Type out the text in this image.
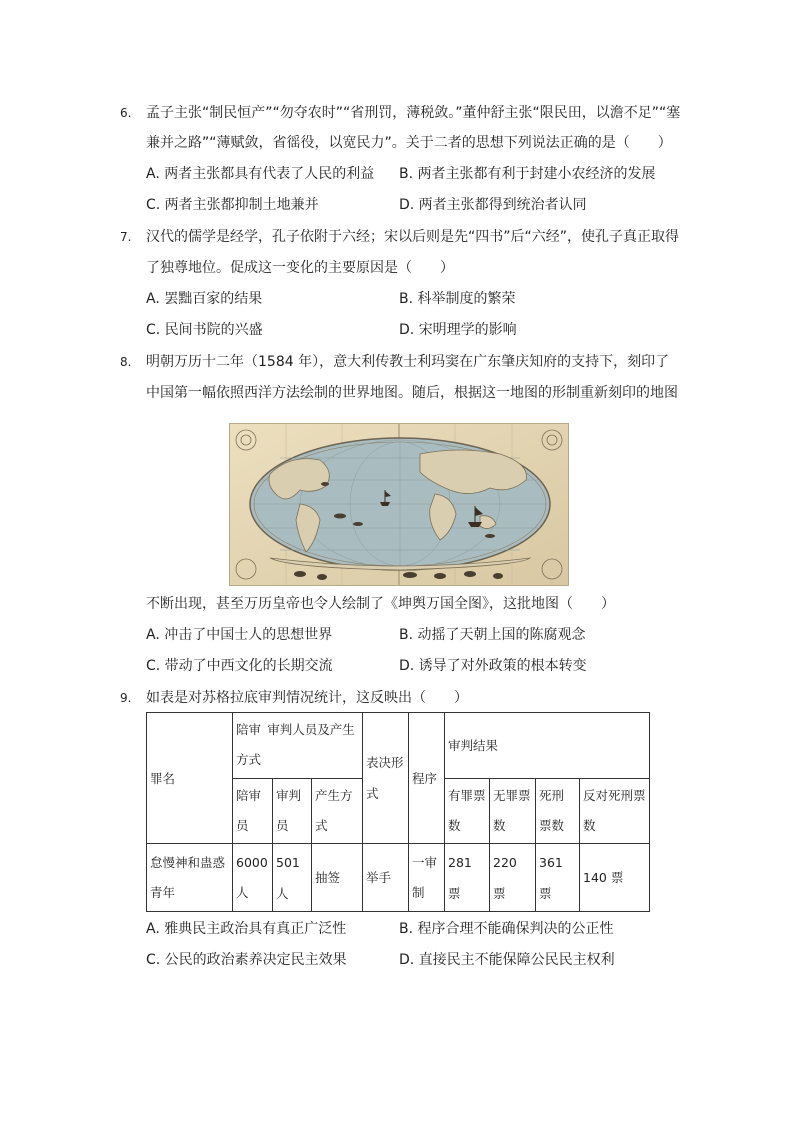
6.	孟子主张“制民恒产”“勿夺农时”“省刑罚，薄税敛。”董仲舒主张“限民田，以澹不足”“塞
兼并之路”“薄赋敛，省徭役，以宽民力”。关于二者的思想下列说法正确的是（　　）
A. 两者主张都具有代表了人民的利益 B. 两者主张都有利于封建小农经济的发展
C. 两者主张都抑制土地兼并	D. 两者主张都得到统治者认同
7.	汉代的儒学是经学，孔子依附于六经；宋以后则是先“四书”后“六经”，使孔子真正取得
了独尊地位。促成这一变化的主要原因是（　　）
A. 罢黜百家的结果	B. 科举制度的繁荣
C. 民间书院的兴盛	D. 宋明理学的影响
8.	明朝万历十二年（1584 年），意大利传教士利玛窦在广东肇庆知府的支持下，刻印了
中国第一幅依照西洋方法绘制的世界地图。随后，根据这一地图的形制重新刻印的地图
不断出现，甚至万历皇帝也令人绘制了《坤舆万国全图》，这批地图（　　）
A. 冲击了中国士人的思想世界	B. 动摇了天朝上国的陈腐观念
C. 带动了中西文化的长期交流	D. 诱导了对外政策的根本转变
9.	如表是对苏格拉底审判情况统计，这反映出（　　）
罪名	陪审 审判人员及产生方式			表决形式	程序	审判结果			
	陪审员	审判员	产生方式			有罪票数	无罪票数	死刑票数	反对死刑票数
怠慢神和蛊惑青年	6000人	501 人	抽签	举手	一审制	281 票	220 票	361 票	140 票
A. 雅典民主政治具有真正广泛性	B. 程序合理不能确保判决的公正性
C. 公民的政治素养决定民主效果	D. 直接民主不能保障公民民主权利
